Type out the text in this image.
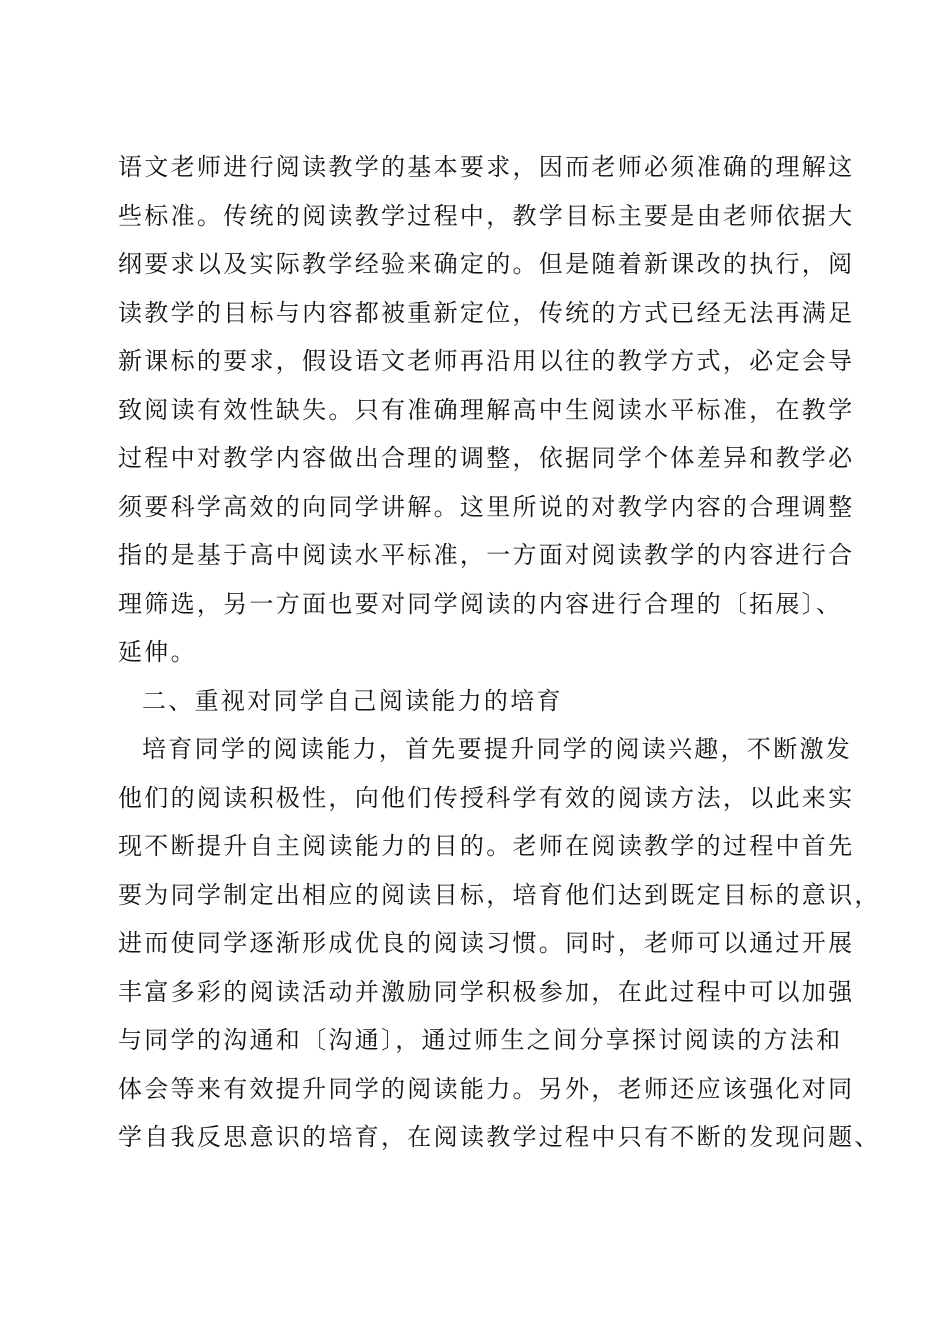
语文老师进行阅读教学的基本要求，因而老师必须准确的理解这
些标准。传统的阅读教学过程中，教学目标主要是由老师依据大
纲要求以及实际教学经验来确定的。但是随着新课改的执行，阅
读教学的目标与内容都被重新定位，传统的方式已经无法再满足
新课标的要求，假设语文老师再沿用以往的教学方式，必定会导
致阅读有效性缺失。只有准确理解高中生阅读水平标准，在教学
过程中对教学内容做出合理的调整，依据同学个体差异和教学必
须要科学高效的向同学讲解。这里所说的对教学内容的合理调整
指的是基于高中阅读水平标准，一方面对阅读教学的内容进行合
理筛选，另一方面也要对同学阅读的内容进行合理的〔拓展〕、
延伸。
二、重视对同学自己阅读能力的培育
培育同学的阅读能力，首先要提升同学的阅读兴趣，不断激发
他们的阅读积极性，向他们传授科学有效的阅读方法，以此来实
现不断提升自主阅读能力的目的。老师在阅读教学的过程中首先
要为同学制定出相应的阅读目标，培育他们达到既定目标的意识，
进而使同学逐渐形成优良的阅读习惯。同时，老师可以通过开展
丰富多彩的阅读活动并激励同学积极参加，在此过程中可以加强
与同学的沟通和〔沟通〕，通过师生之间分享探讨阅读的方法和
体会等来有效提升同学的阅读能力。另外，老师还应该强化对同
学自我反思意识的培育，在阅读教学过程中只有不断的发现问题、
